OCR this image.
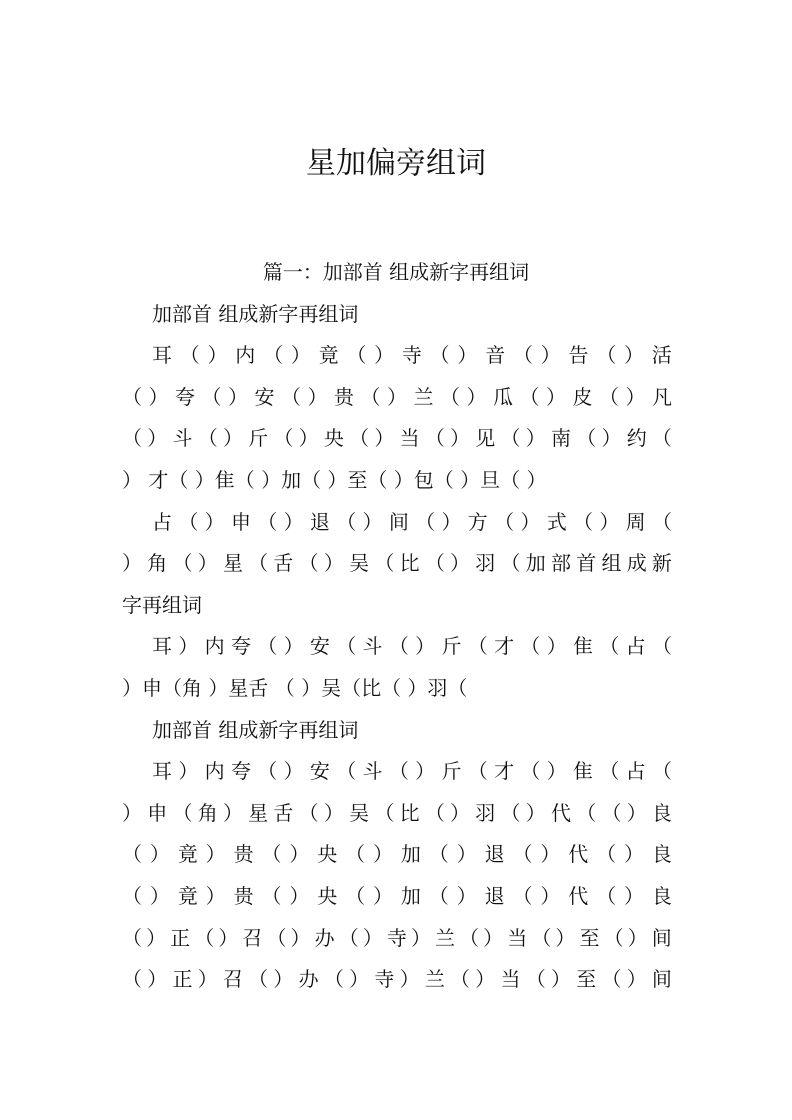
星加偏旁组词
篇一：加部首 组成新字再组词
加部首 组成新字再组词
耳 （ ） 内 （ ） 竟 （ ） 寺 （ ） 音 （ ） 告 （ ） 活
（ ） 夸 （ ） 安 （ ） 贵 （ ） 兰 （ ） 瓜 （ ） 皮 （ ） 凡
（ ） 斗 （ ） 斤 （ ） 央 （ ） 当 （ ） 见 （ ） 南 （ ） 约 （
） 才（ ）隹（ ）加（ ）至（ ）包（ ）旦（ ）
占 （ ） 申 （ ） 退 （ ） 间 （ ） 方 （ ） 式 （ ） 周 （
） 角 （ ） 星 （ 舌 （ ） 吴 （ 比 （ ） 羽 （ 加 部 首 组 成 新
字再组词
耳 ） 内 夸 （ ） 安 （ 斗 （ ） 斤 （ 才 （ ） 隹 （ 占 （
）申（角 ）星舌 （ ）吴（比（ ）羽（
加部首 组成新字再组词
耳 ） 内 夸 （ ） 安 （ 斗 （ ） 斤 （ 才 （ ） 隹 （ 占 （
） 申 （ 角 ） 星 舌 （ ） 吴 （ 比 （ ） 羽 （ ） 代 （ （ ） 良
（ ） 竟 ） 贵 （ ） 央 （ ） 加 （ ） 退 （ ） 代 （ ） 良
（ ） 竟 ） 贵 （ ） 央 （ ） 加 （ ） 退 （ ） 代 （ ） 良
（ ） 正 （ ） 召 （ ） 办 （ ） 寺 ） 兰 （ ） 当 （ ） 至 （ ） 间
（ ） 正 ） 召 （ ） 办 （ ） 寺 ） 兰 （ ） 当 （ ） 至 （ ） 间
